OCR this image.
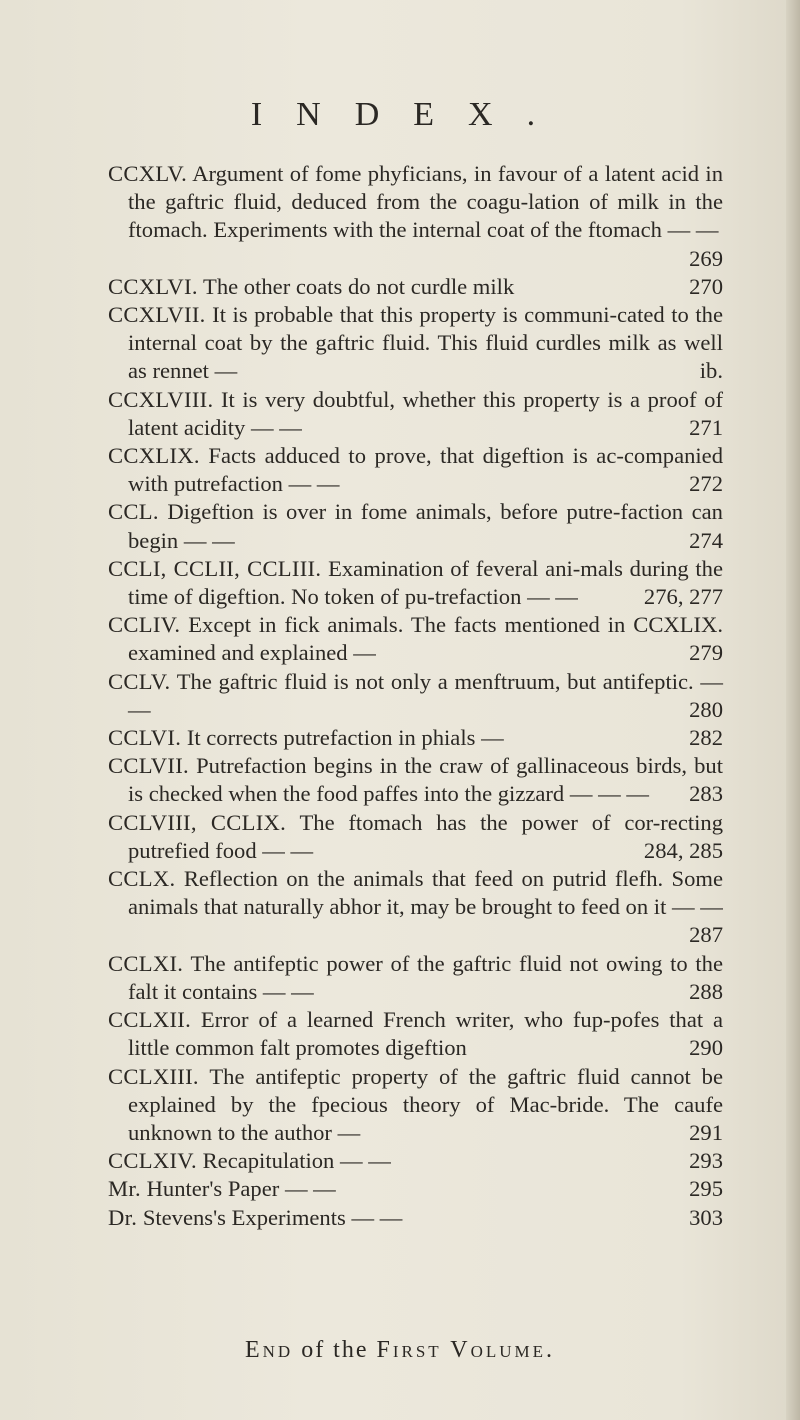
INDEX.
CCXLV. Argument of fome phyficians, in favour of a latent acid in the gaftric fluid, deduced from the coagu-lation of milk in the ftomach. Experiments with the internal coat of the ftomach — —
269
CCXLVI. The other coats do not curdle milk	270
CCXLVII. It is probable that this property is communi-cated to the internal coat by the gaftric fluid. This fluid curdles milk as well as rennet —	ib.
CCXLVIII. It is very doubtful, whether this property is a proof of latent acidity — —	271
CCXLIX. Facts adduced to prove, that digeftion is ac-companied with putrefaction — —	272
CCL. Digeftion is over in fome animals, before putre-faction can begin — —	274
CCLI, CCLII, CCLIII. Examination of feveral ani-mals during the time of digeftion. No token of pu-trefaction — —	276, 277
CCLIV. Except in fick animals. The facts mentioned in CCXLIX. examined and explained —	279
CCLV. The gaftric fluid is not only a menftruum, but antifeptic. — —	280
CCLVI. It corrects putrefaction in phials —	282
CCLVII. Putrefaction begins in the craw of gallinaceous birds, but is checked when the food paffes into the gizzard — — — 283
CCLVIII, CCLIX. The ftomach has the power of cor-recting putrefied food — —	284, 285
CCLX. Reflection on the animals that feed on putrid flefh. Some animals that naturally abhor it, may be brought to feed on it — —
287
CCLXI. The antifeptic power of the gaftric fluid not owing to the falt it contains — —	288
CCLXII. Error of a learned French writer, who fup-pofes that a little common falt promotes digeftion	290
CCLXIII. The antifeptic property of the gaftric fluid cannot be explained by the fpecious theory of Mac-bride. The caufe unknown to the author —	291
CCLXIV. Recapitulation — —	293
Mr. Hunter's Paper — —	295
Dr. Stevens's Experiments — —	303
End of the First Volume.
